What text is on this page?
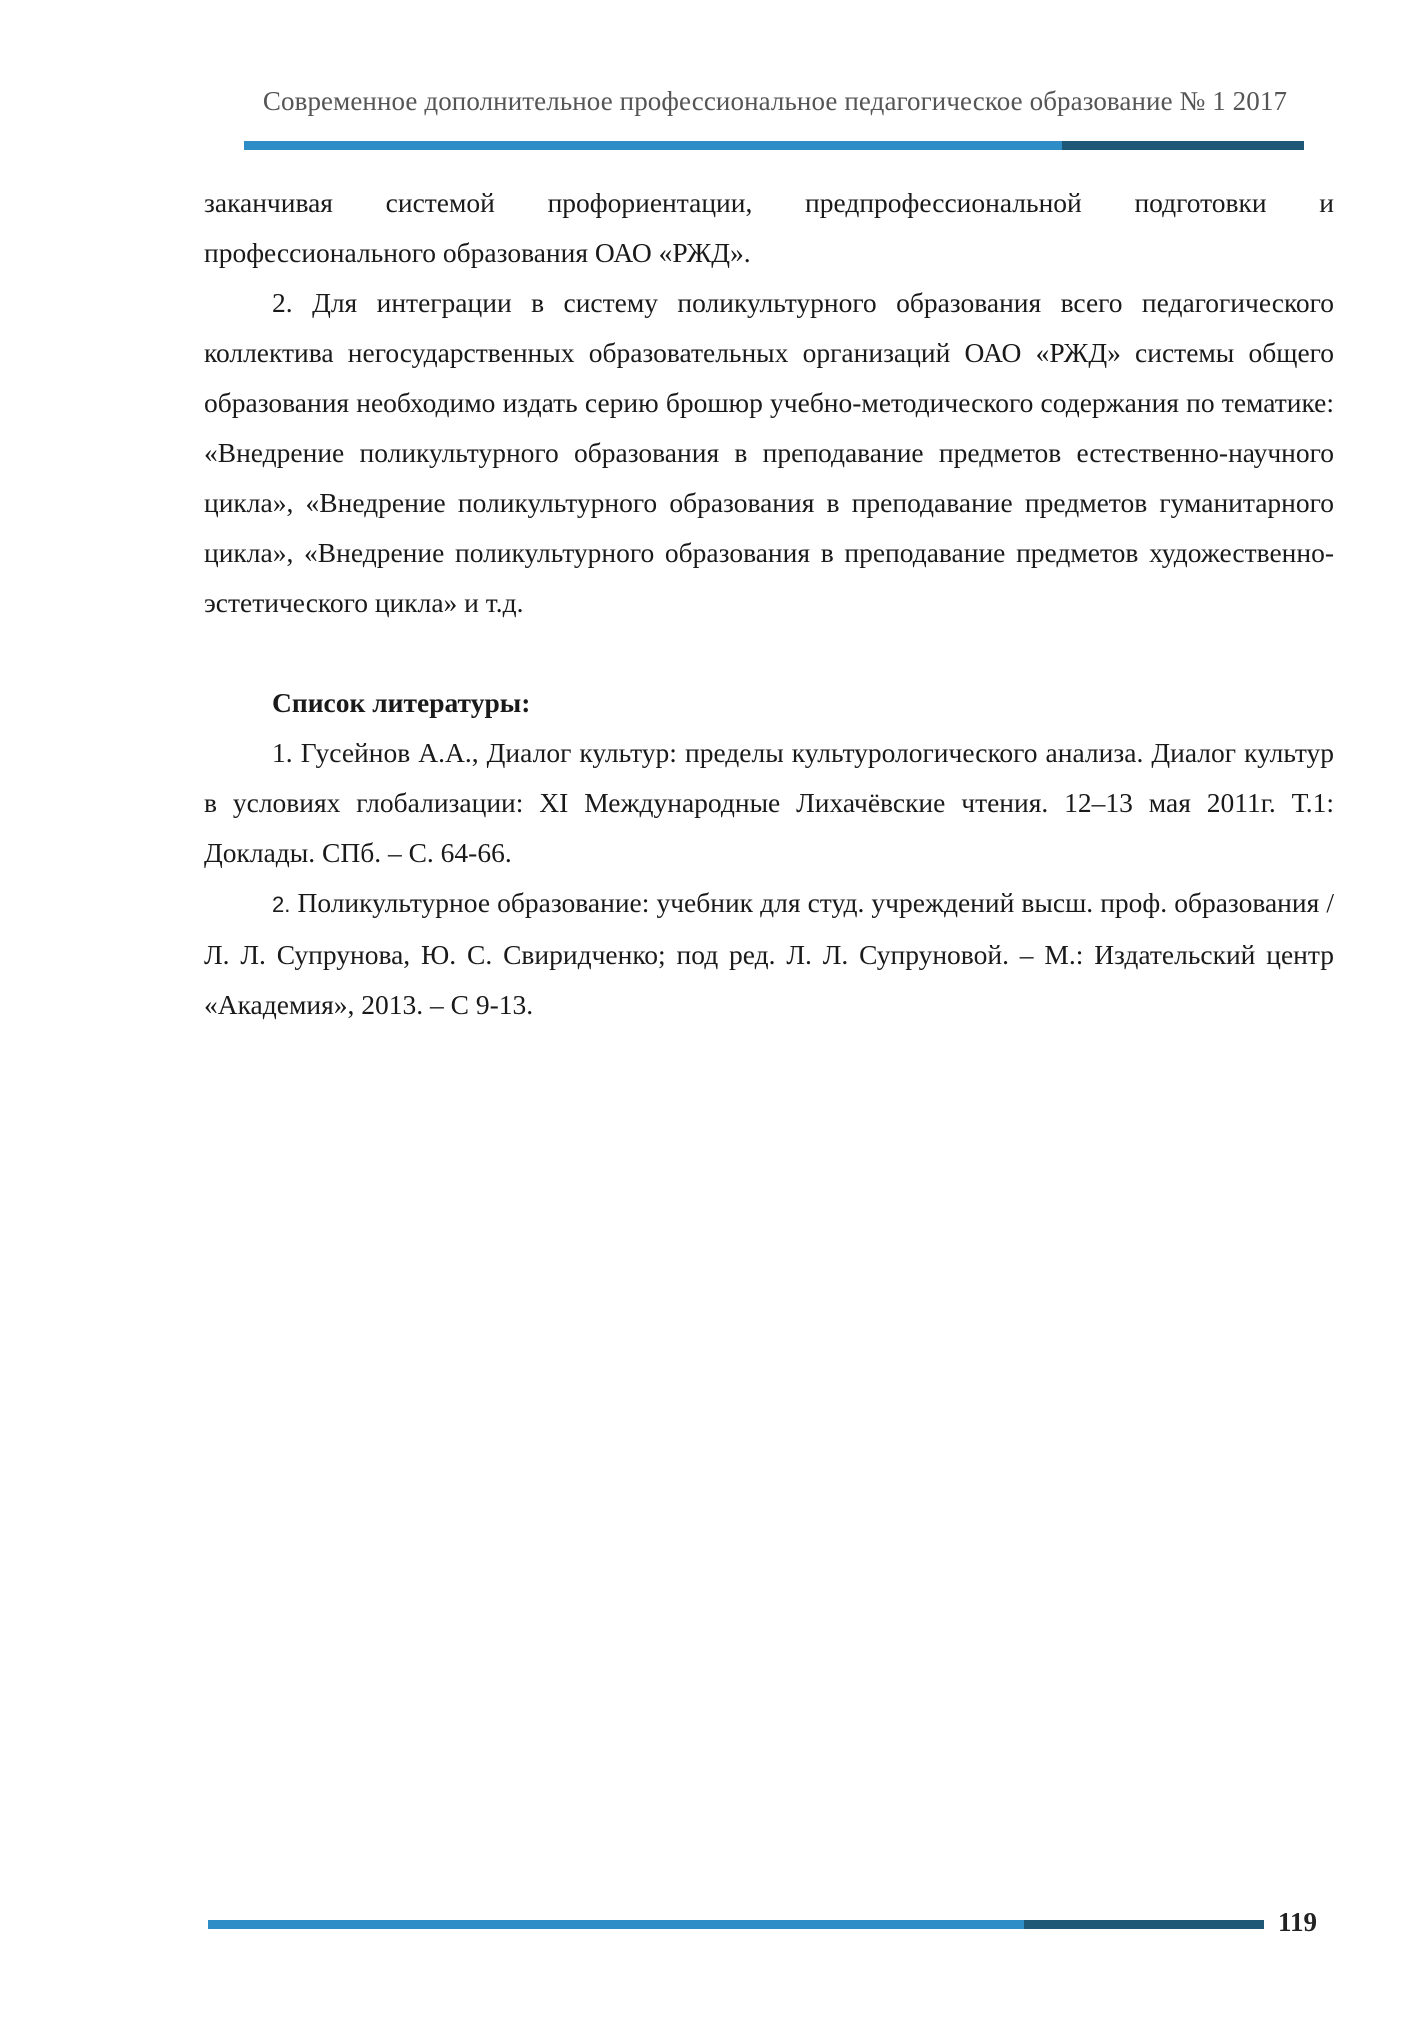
Современное дополнительное профессиональное педагогическое образование № 1 2017

заканчивая системой профориентации, предпрофессиональной подготовки и профессионального образования ОАО «РЖД».

2. Для интеграции в систему поликультурного образования всего педагогического коллектива негосударственных образовательных организаций ОАО «РЖД» системы общего образования необходимо издать серию брошюр учебно-методического содержания по тематике: «Внедрение поликультурного образования в преподавание предметов естественно-научного цикла», «Внедрение поликультурного образования в преподавание предметов гуманитарного цикла», «Внедрение поликультурного образования в преподавание предметов художественно-эстетического цикла» и т.д.

Список литературы:

1. Гусейнов А.А., Диалог культур: пределы культурологического анализа. Диалог культур в условиях глобализации: XI Международные Лихачёвские чтения. 12–13 мая 2011г. Т.1: Доклады. СПб. – С. 64-66.

2. Поликультурное образование: учебник для студ. учреждений высш. проф. образования / Л. Л. Супрунова, Ю. С. Свиридченко; под ред. Л. Л. Супруновой. – М.: Издательский центр «Академия», 2013. – С 9-13.

119
